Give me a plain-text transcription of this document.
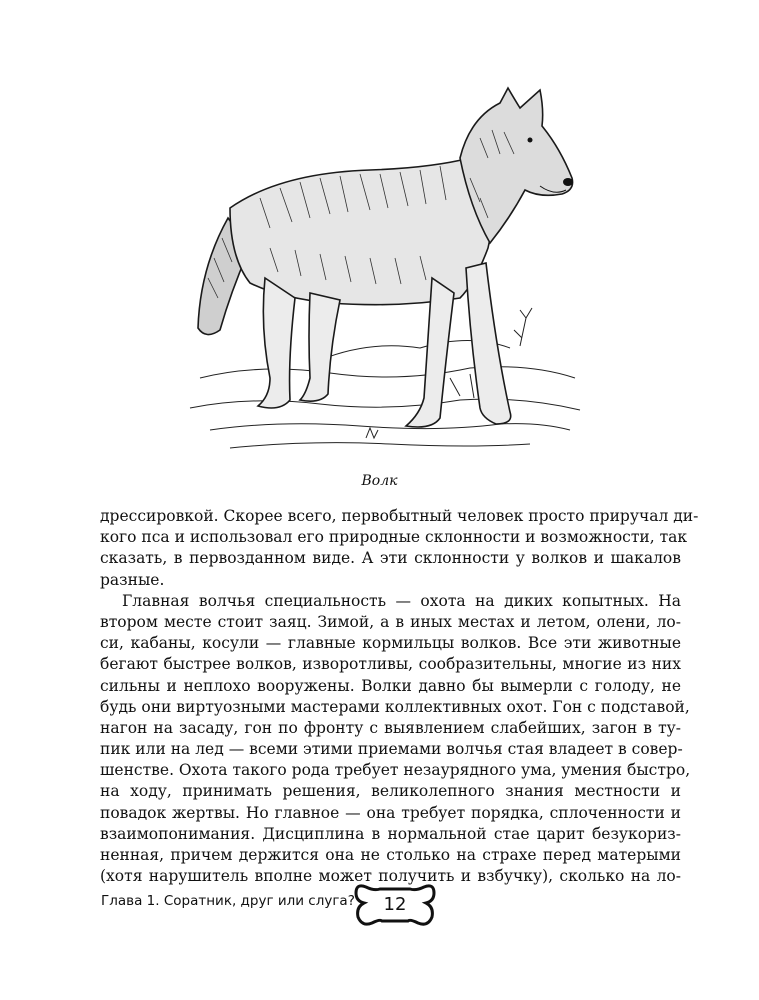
Волк
дрессировкой. Скорее всего, первобытный человек просто приручал ди-
кого пса и использовал его природные склонности и возможности, так
сказать, в первозданном виде. А эти склонности у волков и шакалов
разные.
Главная волчья специальность — охота на диких копытных. На
втором месте стоит заяц. Зимой, а в иных местах и летом, олени, ло-
си, кабаны, косули — главные кормильцы волков. Все эти животные
бегают быстрее волков, изворотливы, сообразительны, многие из них
сильны и неплохо вооружены. Волки давно бы вымерли с голоду, не
будь они виртуозными мастерами коллективных охот. Гон с подставой,
нагон на засаду, гон по фронту с выявлением слабейших, загон в ту-
пик или на лед — всеми этими приемами волчья стая владеет в совер-
шенстве. Охота такого рода требует незаурядного ума, умения быстро,
на ходу, принимать решения, великолепного знания местности и
повадок жертвы. Но главное — она требует порядка, сплоченности и
взаимопонимания. Дисциплина в нормальной стае царит безукориз-
ненная, причем держится она не столько на страхе перед матерыми
(хотя нарушитель вполне может получить и взбучку), сколько на ло-
Глава 1. Соратник, друг или слуга?	12
